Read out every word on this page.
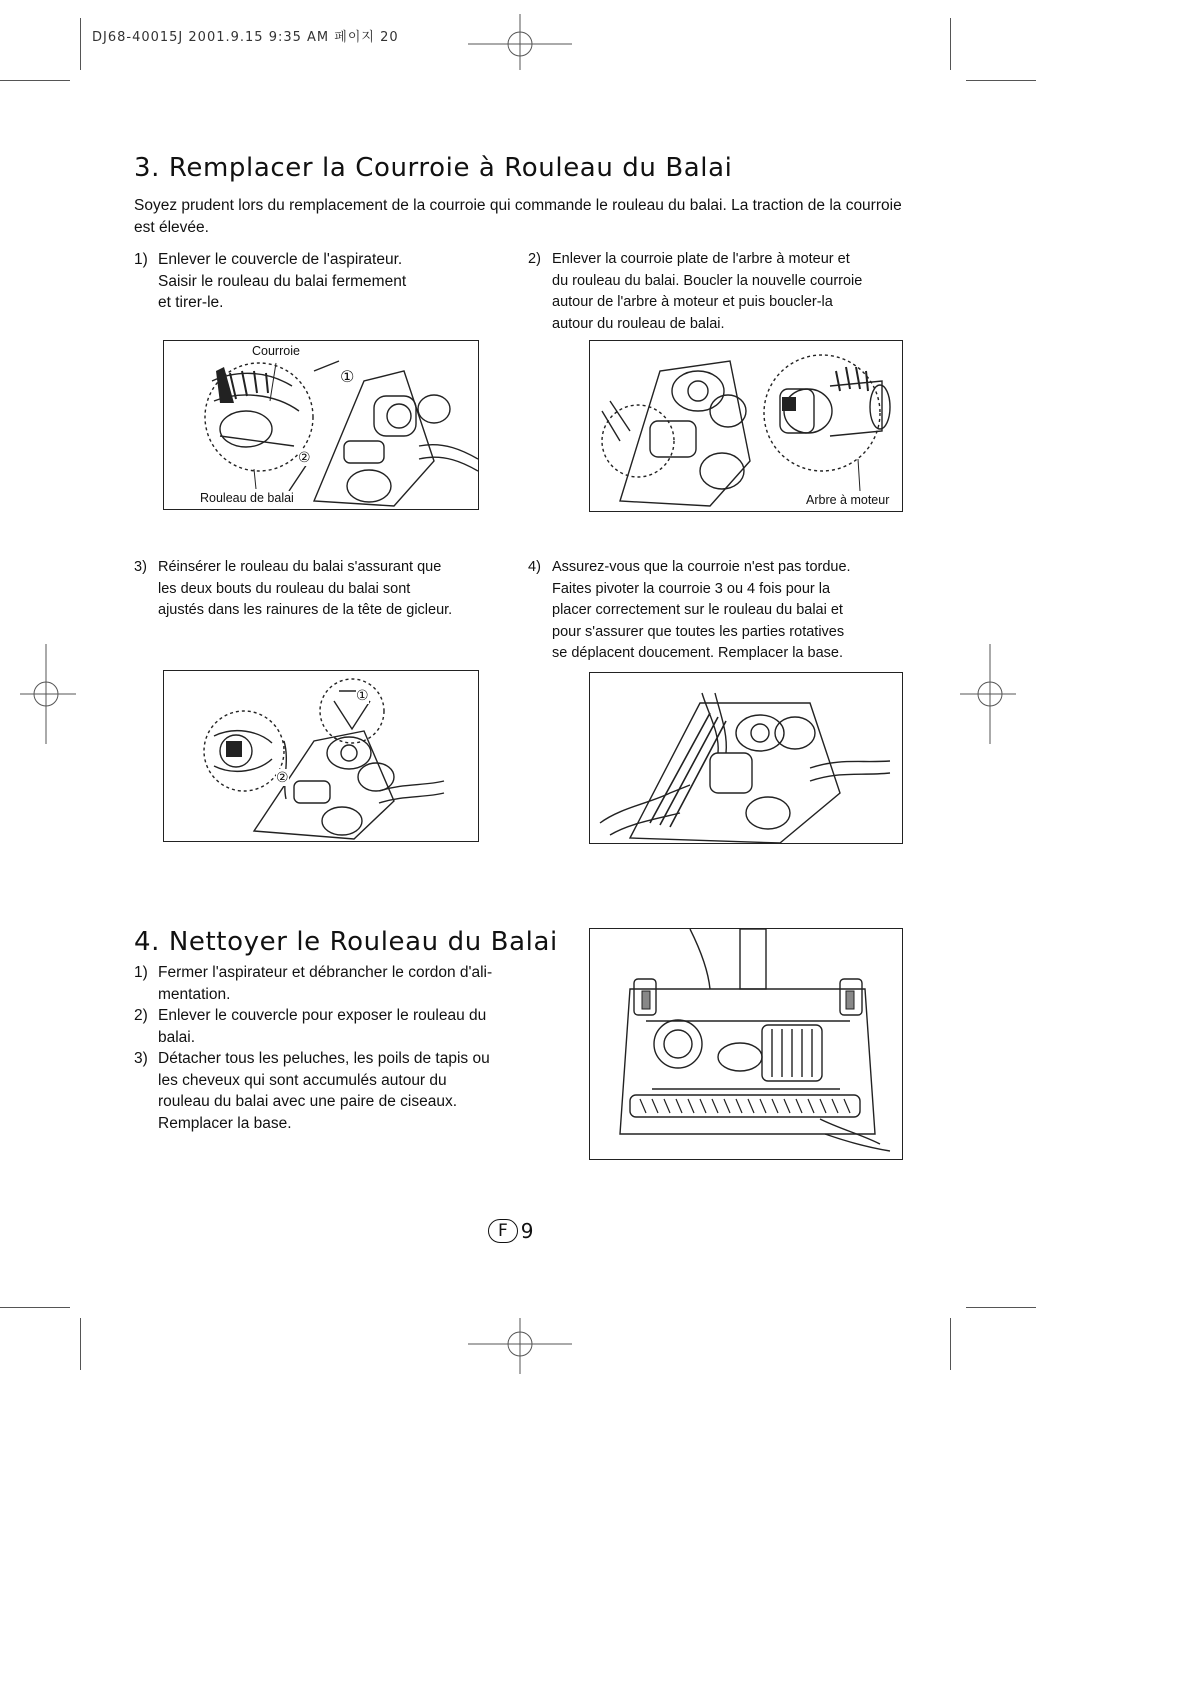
DJ68-40015J 2001.9.15 9:35 AM 페이지 20
3. Remplacer la Courroie à Rouleau du Balai
Soyez prudent lors du remplacement de la courroie qui commande le rouleau du balai. La traction de la courroie est élevée.
1) Enlever le couvercle de l'aspirateur.

Saisir le rouleau du balai fermement

et tirer-le.

2) Enlever la courroie plate de l'arbre à moteur et
du rouleau du balai. Boucler la nouvelle courroie
autour de l'arbre à moteur et puis boucler-la
autour du rouleau de balai.
Courroie
Rouleau de balai
①
②
Arbre à moteur
3) Réinsérer le rouleau du balai s'assurant que
les deux bouts du rouleau du balai sont
ajustés dans les rainures de la tête de gicleur.
4) Assurez-vous que la courroie n'est pas tordue.
Faites pivoter la courroie 3 ou 4 fois pour la
placer correctement sur le rouleau du balai et
pour s'assurer que toutes les parties rotatives
se déplacent doucement. Remplacer la base.
①
②
4. Nettoyer le Rouleau du Balai
1) Fermer l'aspirateur et débrancher le cordon d'ali-
mentation.
2) Enlever le couvercle pour exposer le rouleau du
balai.
3) Détacher tous les peluches, les poils de tapis ou
les cheveux qui sont accumulés autour du
rouleau du balai avec une paire de ciseaux.
Remplacer la base.
F 9
